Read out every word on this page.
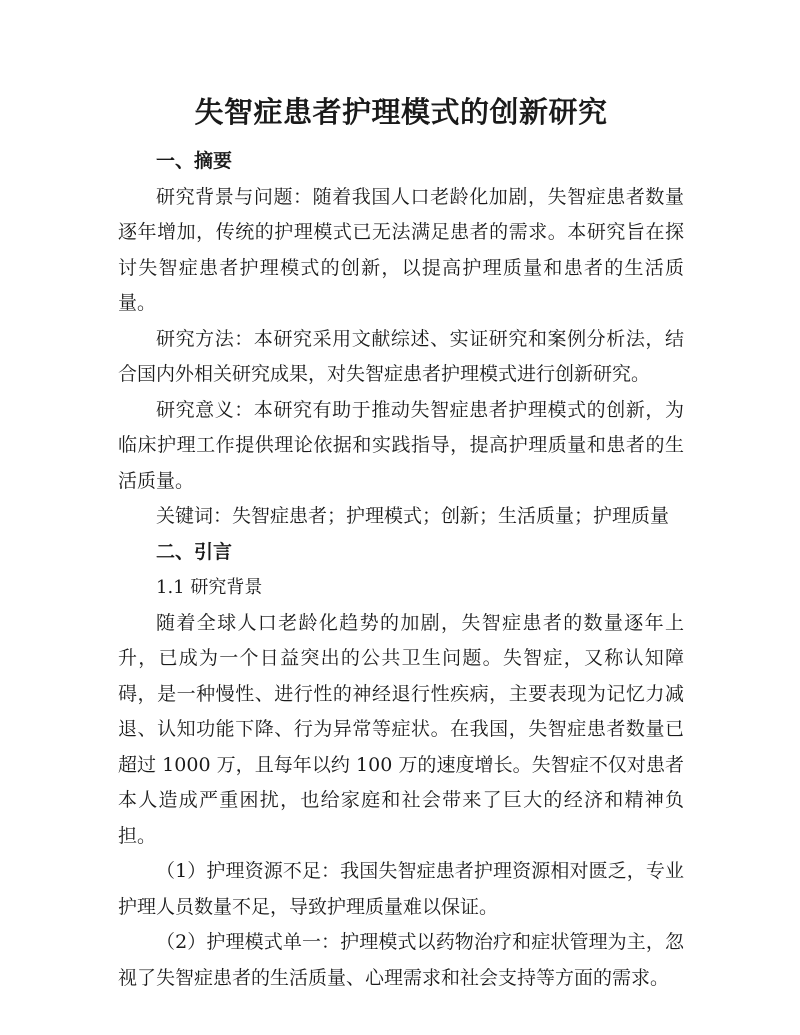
失智症患者护理模式的创新研究

一、摘要

研究背景与问题：随着我国人口老龄化加剧，失智症患者数量逐年增加，传统的护理模式已无法满足患者的需求。本研究旨在探讨失智症患者护理模式的创新，以提高护理质量和患者的生活质量。

研究方法：本研究采用文献综述、实证研究和案例分析法，结合国内外相关研究成果，对失智症患者护理模式进行创新研究。

研究意义：本研究有助于推动失智症患者护理模式的创新，为临床护理工作提供理论依据和实践指导，提高护理质量和患者的生活质量。

关键词：失智症患者；护理模式；创新；生活质量；护理质量

二、引言

1.1 研究背景

随着全球人口老龄化趋势的加剧，失智症患者的数量逐年上升，已成为一个日益突出的公共卫生问题。失智症，又称认知障碍，是一种慢性、进行性的神经退行性疾病，主要表现为记忆力减退、认知功能下降、行为异常等症状。在我国，失智症患者数量已超过 1000 万，且每年以约 100 万的速度增长。失智症不仅对患者本人造成严重困扰，也给家庭和社会带来了巨大的经济和精神负担。

（1）护理资源不足：我国失智症患者护理资源相对匮乏，专业护理人员数量不足，导致护理质量难以保证。

（2）护理模式单一：护理模式以药物治疗和症状管理为主，忽视了失智症患者的生活质量、心理需求和社会支持等方面的需求。
